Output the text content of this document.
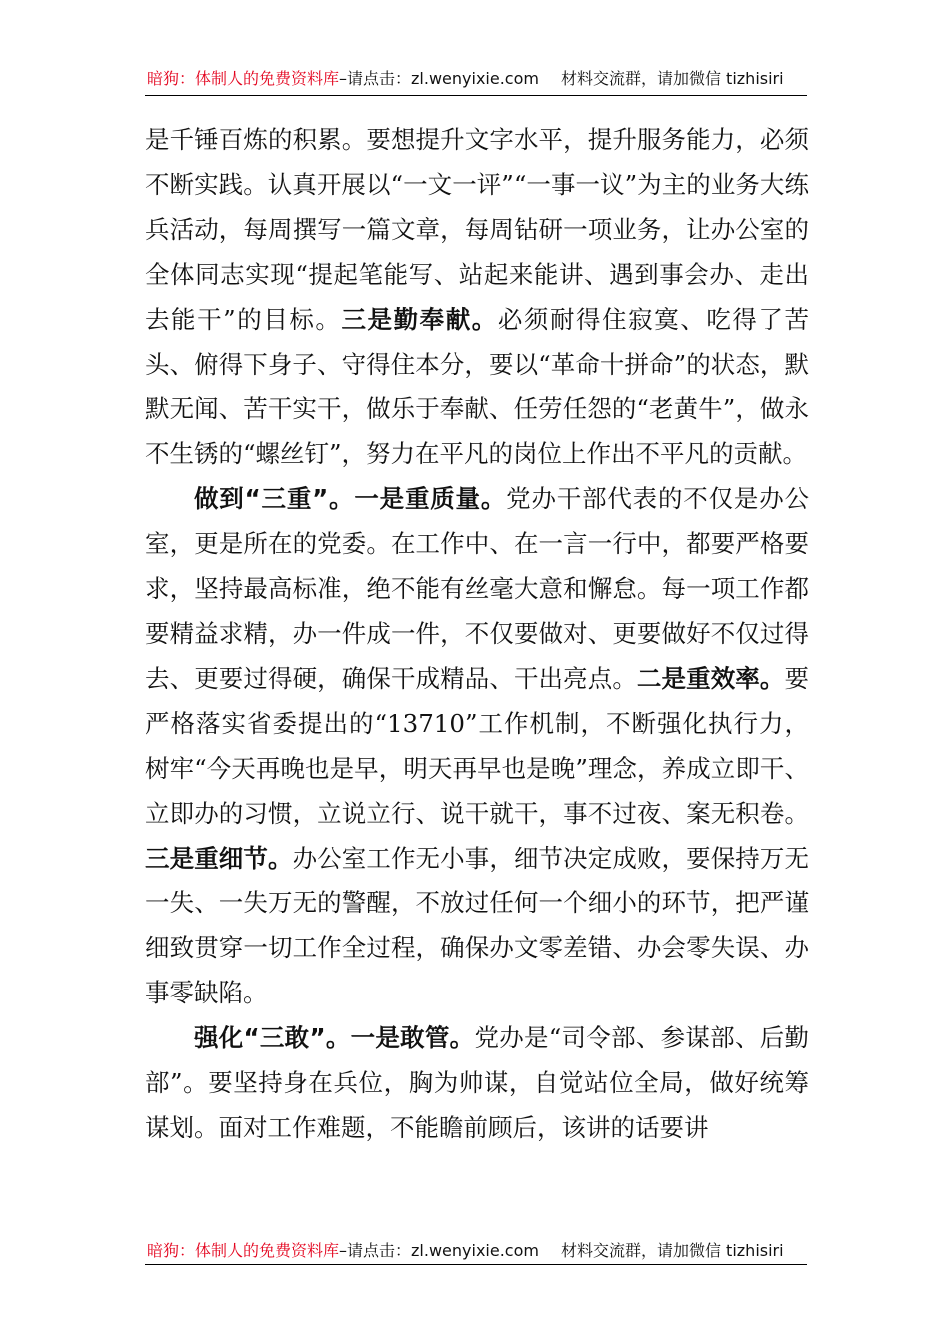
暗狗：体制人的免费资料库–请点击：zl.wenyixie.com 材料交流群，请加微信 tizhisiri

是千锤百炼的积累。要想提升文字水平，提升服务能力，必须不断实践。认真开展以“一文一评”“一事一议”为主的业务大练兵活动，每周撰写一篇文章，每周钻研一项业务，让办公室的全体同志实现“提起笔能写、站起来能讲、遇到事会办、走出去能干”的目标。三是勤奉献。必须耐得住寂寞、吃得了苦头、俯得下身子、守得住本分，要以“革命十拼命”的状态，默默无闻、苦干实干，做乐于奉献、任劳任怨的“老黄牛”，做永不生锈的“螺丝钉”，努力在平凡的岗位上作出不平凡的贡献。

做到“三重”。一是重质量。党办干部代表的不仅是办公室，更是所在的党委。在工作中、在一言一行中，都要严格要求，坚持最高标准，绝不能有丝毫大意和懈怠。每一项工作都要精益求精，办一件成一件，不仅要做对、更要做好不仅过得去、更要过得硬，确保干成精品、干出亮点。二是重效率。要严格落实省委提出的“13710”工作机制，不断强化执行力，树牢“今天再晚也是早，明天再早也是晚”理念，养成立即干、立即办的习惯，立说立行、说干就干，事不过夜、案无积卷。三是重细节。办公室工作无小事，细节决定成败，要保持万无一失、一失万无的警醒，不放过任何一个细小的环节，把严谨细致贯穿一切工作全过程，确保办文零差错、办会零失误、办事零缺陷。

强化“三敢”。一是敢管。党办是“司令部、参谋部、后勤部”。要坚持身在兵位，胸为帅谋，自觉站位全局，做好统筹谋划。面对工作难题，不能瞻前顾后，该讲的话要讲

暗狗：体制人的免费资料库–请点击：zl.wenyixie.com 材料交流群，请加微信 tizhisiri
